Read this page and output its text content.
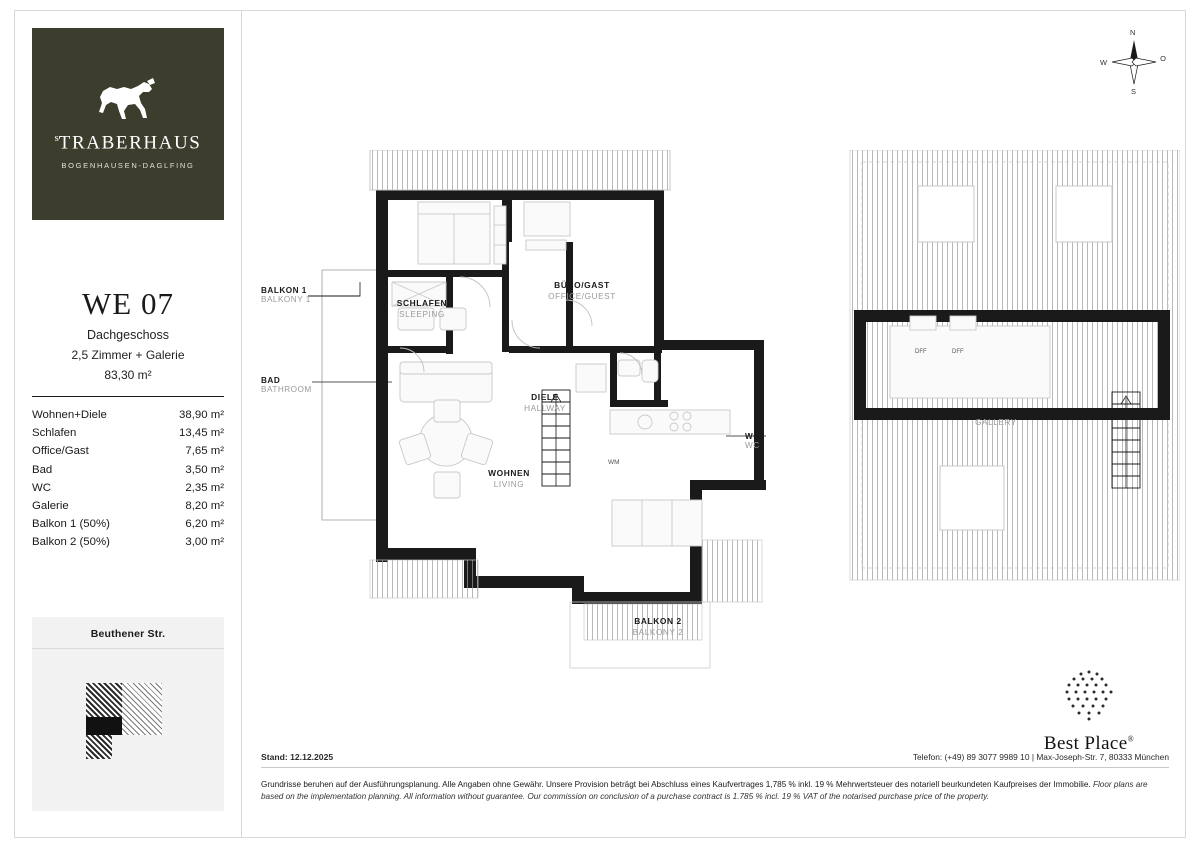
$^s$TRABERHAUS
BOGENHAUSEN-DAGLFING
WE 07
Dachgeschoss
2,5 Zimmer + Galerie
83,30 m²
Wohnen+Diele	38,90 m²
Schlafen	13,45 m²
Office/Gast	7,65 m²
Bad	3,50 m²
WC	2,35 m²
Galerie	8,20 m²
Balkon 1 (50%)	6,20 m²
Balkon 2 (50%)	3,00 m²
Beuthener Str.
N
S
W	O
BALKON 1
BALKONY 1
BAD
BATHROOM
WC
WC
SCHLAFEN
SLEEPING
BÜRO/GAST
OFFICE/GUEST
DIELE
HALLWAY
WOHNEN
LIVING
BALKON 2
BALKONY 2
GALERIE
GALLERY
WM
DFF	DFF
Best Place®
Stand: 12.12.2025	Telefon: (+49) 89 3077 9989 10 | Max-Joseph-Str. 7, 80333 München
Grundrisse beruhen auf der Ausführungsplanung. Alle Angaben ohne Gewähr. Unsere Provision beträgt bei Abschluss eines Kaufvertrages 1,785 % inkl. 19 % Mehrwertsteuer des notariell beurkundeten Kaufpreises der Immobilie. Floor plans are based on the implementation planning. All information without guarantee. Our commission on conclusion of a purchase contract is 1.785 % incl. 19 % VAT of the notarised purchase price of the property.
